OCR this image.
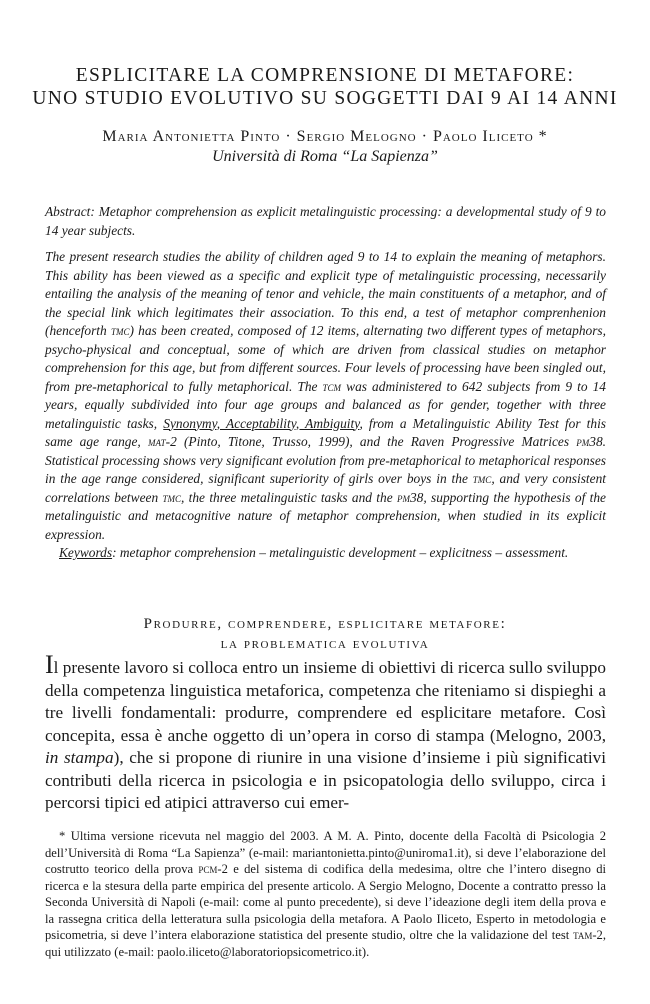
ESPLICITARE LA COMPRENSIONE DI METAFORE:
UNO STUDIO EVOLUTIVO SU SOGGETTI DAI 9 AI 14 ANNI
Maria Antonietta Pinto · Sergio Melogno · Paolo Iliceto *
Università di Roma “La Sapienza”

Abstract: Metaphor comprehension as explicit metalinguistic processing: a developmental study of 9 to 14 year subjects.

The present research studies the ability of children aged 9 to 14 to explain the meaning of metaphors. This ability has been viewed as a specific and explicit type of metalinguistic processing, necessarily entailing the analysis of the meaning of tenor and vehicle, the main constituents of a metaphor, and of the special link which legitimates their association. To this end, a test of metaphor comprenhenion (henceforth tmc) has been created, composed of 12 items, alternating two different types of metaphors, psycho-physical and conceptual, some of which are driven from classical studies on metaphor comprehension for this age, but from different sources. Four levels of processing have been singled out, from pre-metaphorical to fully metaphorical. The tcm was administered to 642 subjects from 9 to 14 years, equally subdivided into four age groups and balanced as for gender, together with three metalinguistic tasks, Synonymy, Acceptability, Ambiguity, from a Metalinguistic Ability Test for this same age range, mat-2 (Pinto, Titone, Trusso, 1999), and the Raven Progressive Matrices pm38. Statistical processing shows very significant evolution from pre-metaphorical to metaphorical responses in the age range considered, significant superiority of girls over boys in the tmc, and very consistent correlations between tmc, the three metalinguistic tasks and the pm38, supporting the hypothesis of the metalinguistic and metacognitive nature of metaphor comprehension, when studied in its explicit expression.

Keywords: metaphor comprehension – metalinguistic development – explicitness – assessment.

Produrre, comprendere, esplicitare metafore:
la problematica evolutiva

Il presente lavoro si colloca entro un insieme di obiettivi di ricerca sullo sviluppo della competenza linguistica metaforica, competenza che riteniamo si dispieghi a tre livelli fondamentali: produrre, comprendere ed esplicitare metafore. Così concepita, essa è anche oggetto di un’opera in corso di stampa (Melogno, 2003, in stampa), che si propone di riunire in una visione d’insieme i più significativi contributi della ricerca in psicologia e in psicopatologia dello sviluppo, circa i percorsi tipici ed atipici attraverso cui emer-

* Ultima versione ricevuta nel maggio del 2003. A M. A. Pinto, docente della Facoltà di Psicologia 2 dell’Università di Roma “La Sapienza” (e-mail: mariantonietta.pinto@uniroma1.it), si deve l’elaborazione del costrutto teorico della prova pcm-2 e del sistema di codifica della medesima, oltre che l’intero disegno di ricerca e la stesura della parte empirica del presente articolo. A Sergio Melogno, Docente a contratto presso la Seconda Università di Napoli (e-mail: come al punto precedente), si deve l’ideazione degli item della prova e la rassegna critica della letteratura sulla psicologia della metafora. A Paolo Iliceto, Esperto in metodologia e psicometria, si deve l’intera elaborazione statistica del presente studio, oltre che la validazione del test tam-2, qui utilizzato (e-mail: paolo.iliceto@laboratoriopsicometrico.it).
